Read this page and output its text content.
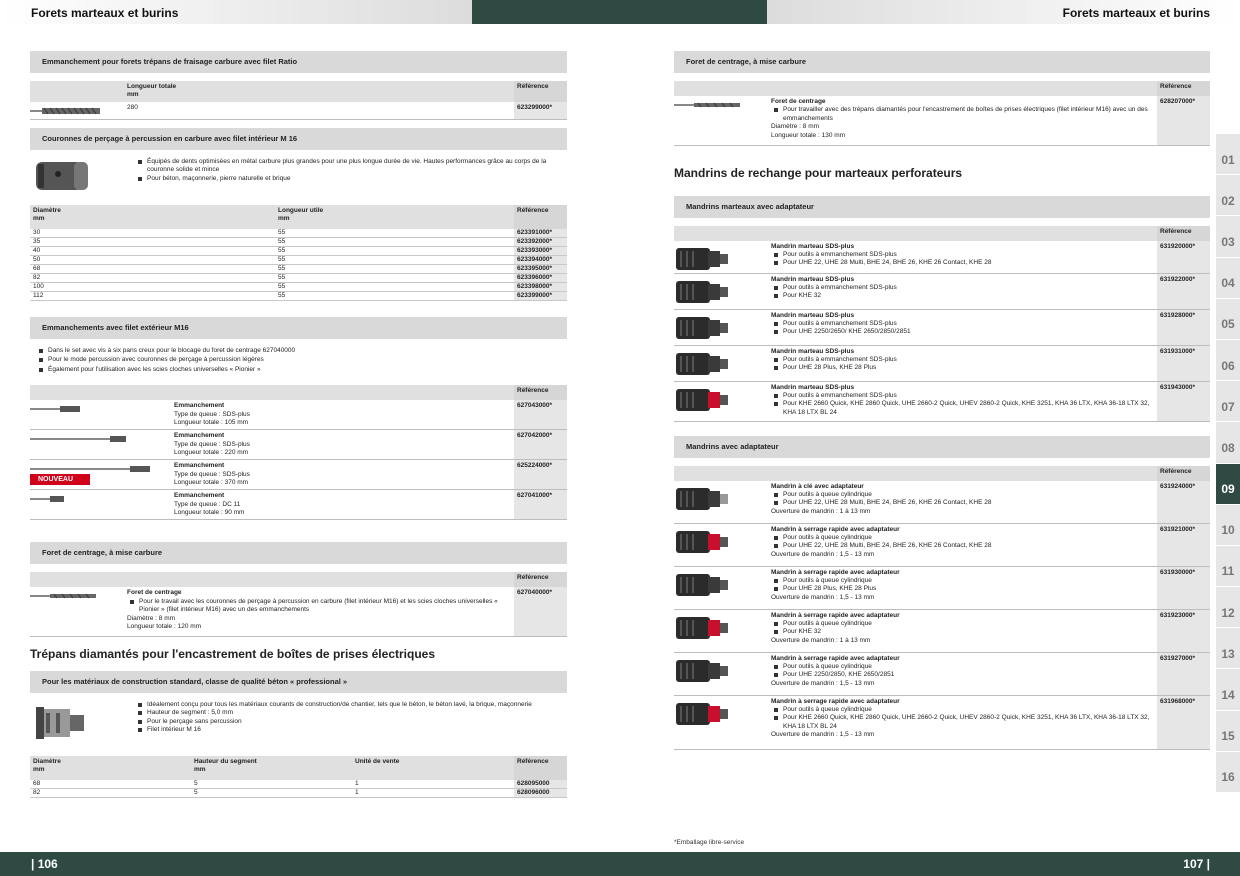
Forets marteaux et burins	Forets marteaux et burins
Emmanchement pour forets trépans de fraisage carbure avec filet Ratio
Longueur totale
mm
Référence
280	623299000*
Couronnes de perçage à percussion en carbure avec filet intérieur M 16
Équipés de dents optimisées en métal carbure plus grandes pour une plus longue durée de vie. Hautes performances grâce au corps de la couronne solide et mince
Pour béton, maçonnerie, pierre naturelle et brique
Diamètre
mm
Longueur utile
mm
Référence
30	55	623391000*
35	55	623392000*
40	55	623393000*
50	55	623394000*
68	55	623395000*
82	55	623396000*
100	55	623398000*
112	55	623399000*
Emmanchements avec filet extérieur M16
Dans le set avec vis à six pans creux pour le blocage du foret de centrage 627040000
Pour le mode percussion avec couronnes de perçage à percussion légères
Également pour l'utilisation avec les scies cloches universelles « Pionier »
Référence
Emmanchement
Type de queue : SDS-plus
Longueur totale : 105 mm
627043000*
Emmanchement
Type de queue : SDS-plus
Longueur totale : 220 mm
627042000*
NOUVEAU
Emmanchement
Type de queue : SDS-plus
Longueur totale : 370 mm
625224000*
Emmanchement
Type de queue : DC 11
Longueur totale : 90 mm
627041000*
Foret de centrage, à mise carbure
Référence
Foret de centrage
Pour le travail avec les couronnes de perçage à percussion en carbure (filet intérieur M16) et les scies cloches universelles « Pionier » (filet intérieur M16) avec un des emmanchements
Diamètre : 8 mm
Longueur totale : 120 mm
627040000*
Trépans diamantés pour l'encastrement de boîtes de prises électriques
Pour les matériaux de construction standard, classe de qualité béton « professional »
Idéalement conçu pour tous les matériaux courants de construction/de chantier, tels que le béton, le béton lavé, la brique, maçonnerie
Hauteur de segment : 5,0 mm
Pour le perçage sans percussion
Filet intérieur M 16
Diamètre
mm
Hauteur du segment
mm
Unité de vente	Référence
68	5	1	628095000
82	5	1	628096000
Foret de centrage, à mise carbure
Référence
Foret de centrage
Pour travailler avec des trépans diamantés pour l'encastrement de boîtes de prises électriques (filet intérieur M16) avec un des emmanchements
Diamètre : 8 mm
Longueur totale : 130 mm
628207000*
Mandrins de rechange pour marteaux perforateurs
Mandrins marteaux avec adaptateur
Référence
Mandrin marteau SDS-plus
Pour outils à emmanchement SDS-plus
Pour UHE 22, UHE 28 Multi, BHE 24, BHE 26, KHE 26 Contact, KHE 28
631920000*
Mandrin marteau SDS-plus
Pour outils à emmanchement SDS-plus
Pour KHE 32
631922000*
Mandrin marteau SDS-plus
Pour outils à emmanchement SDS-plus
Pour UHE 2250/2650/ KHE 2650/2850/2851
631928000*
Mandrin marteau SDS-plus
Pour outils à emmanchement SDS-plus
Pour UHE 28 Plus, KHE 28 Plus
631931000*
Mandrin marteau SDS-plus
Pour outils à emmanchement SDS-plus
Pour KHE 2660 Quick, KHE 2860 Quick, UHE 2660-2 Quick, UHEV 2860-2 Quick, KHE 3251, KHA 36 LTX, KHA 36-18 LTX 32, KHA 18 LTX BL 24
631943000*
Mandrins avec adaptateur
Référence
Mandrin à clé avec adaptateur
Pour outils à queue cylindrique
Pour UHE 22, UHE 28 Multi, BHE 24, BHE 26, KHE 26 Contact, KHE 28
Ouverture de mandrin : 1 à 13 mm
631924000*
Mandrin à serrage rapide avec adaptateur
Pour outils à queue cylindrique
Pour UHE 22, UHE 28 Multi, BHE 24, BHE 26, KHE 26 Contact, KHE 28
Ouverture de mandrin : 1,5 - 13 mm
631921000*
Mandrin à serrage rapide avec adaptateur
Pour outils à queue cylindrique
Pour UHE 28 Plus, KHE 28 Plus
Ouverture de mandrin : 1,5 - 13 mm
631930000*
Mandrin à serrage rapide avec adaptateur
Pour outils à queue cylindrique
Pour KHE 32
Ouverture de mandrin : 1 à 13 mm
631923000*
Mandrin à serrage rapide avec adaptateur
Pour outils à queue cylindrique
Pour UHE 2250/2850, KHE 2650/2851
Ouverture de mandrin : 1,5 - 13 mm
631927000*
Mandrin à serrage rapide avec adaptateur
Pour outils à queue cylindrique
Pour KHE 2660 Quick, KHE 2860 Quick, UHE 2660-2 Quick, UHEV 2860-2 Quick, KHE 3251, KHA 36 LTX, KHA 36-18 LTX 32, KHA 18 LTX BL 24
Ouverture de mandrin : 1,5 - 13 mm
631968000*
*Emballage libre-service
01
02
03
04
05
06
07
08
09
10
11
12
13
14
15
16
| 106	107 |
